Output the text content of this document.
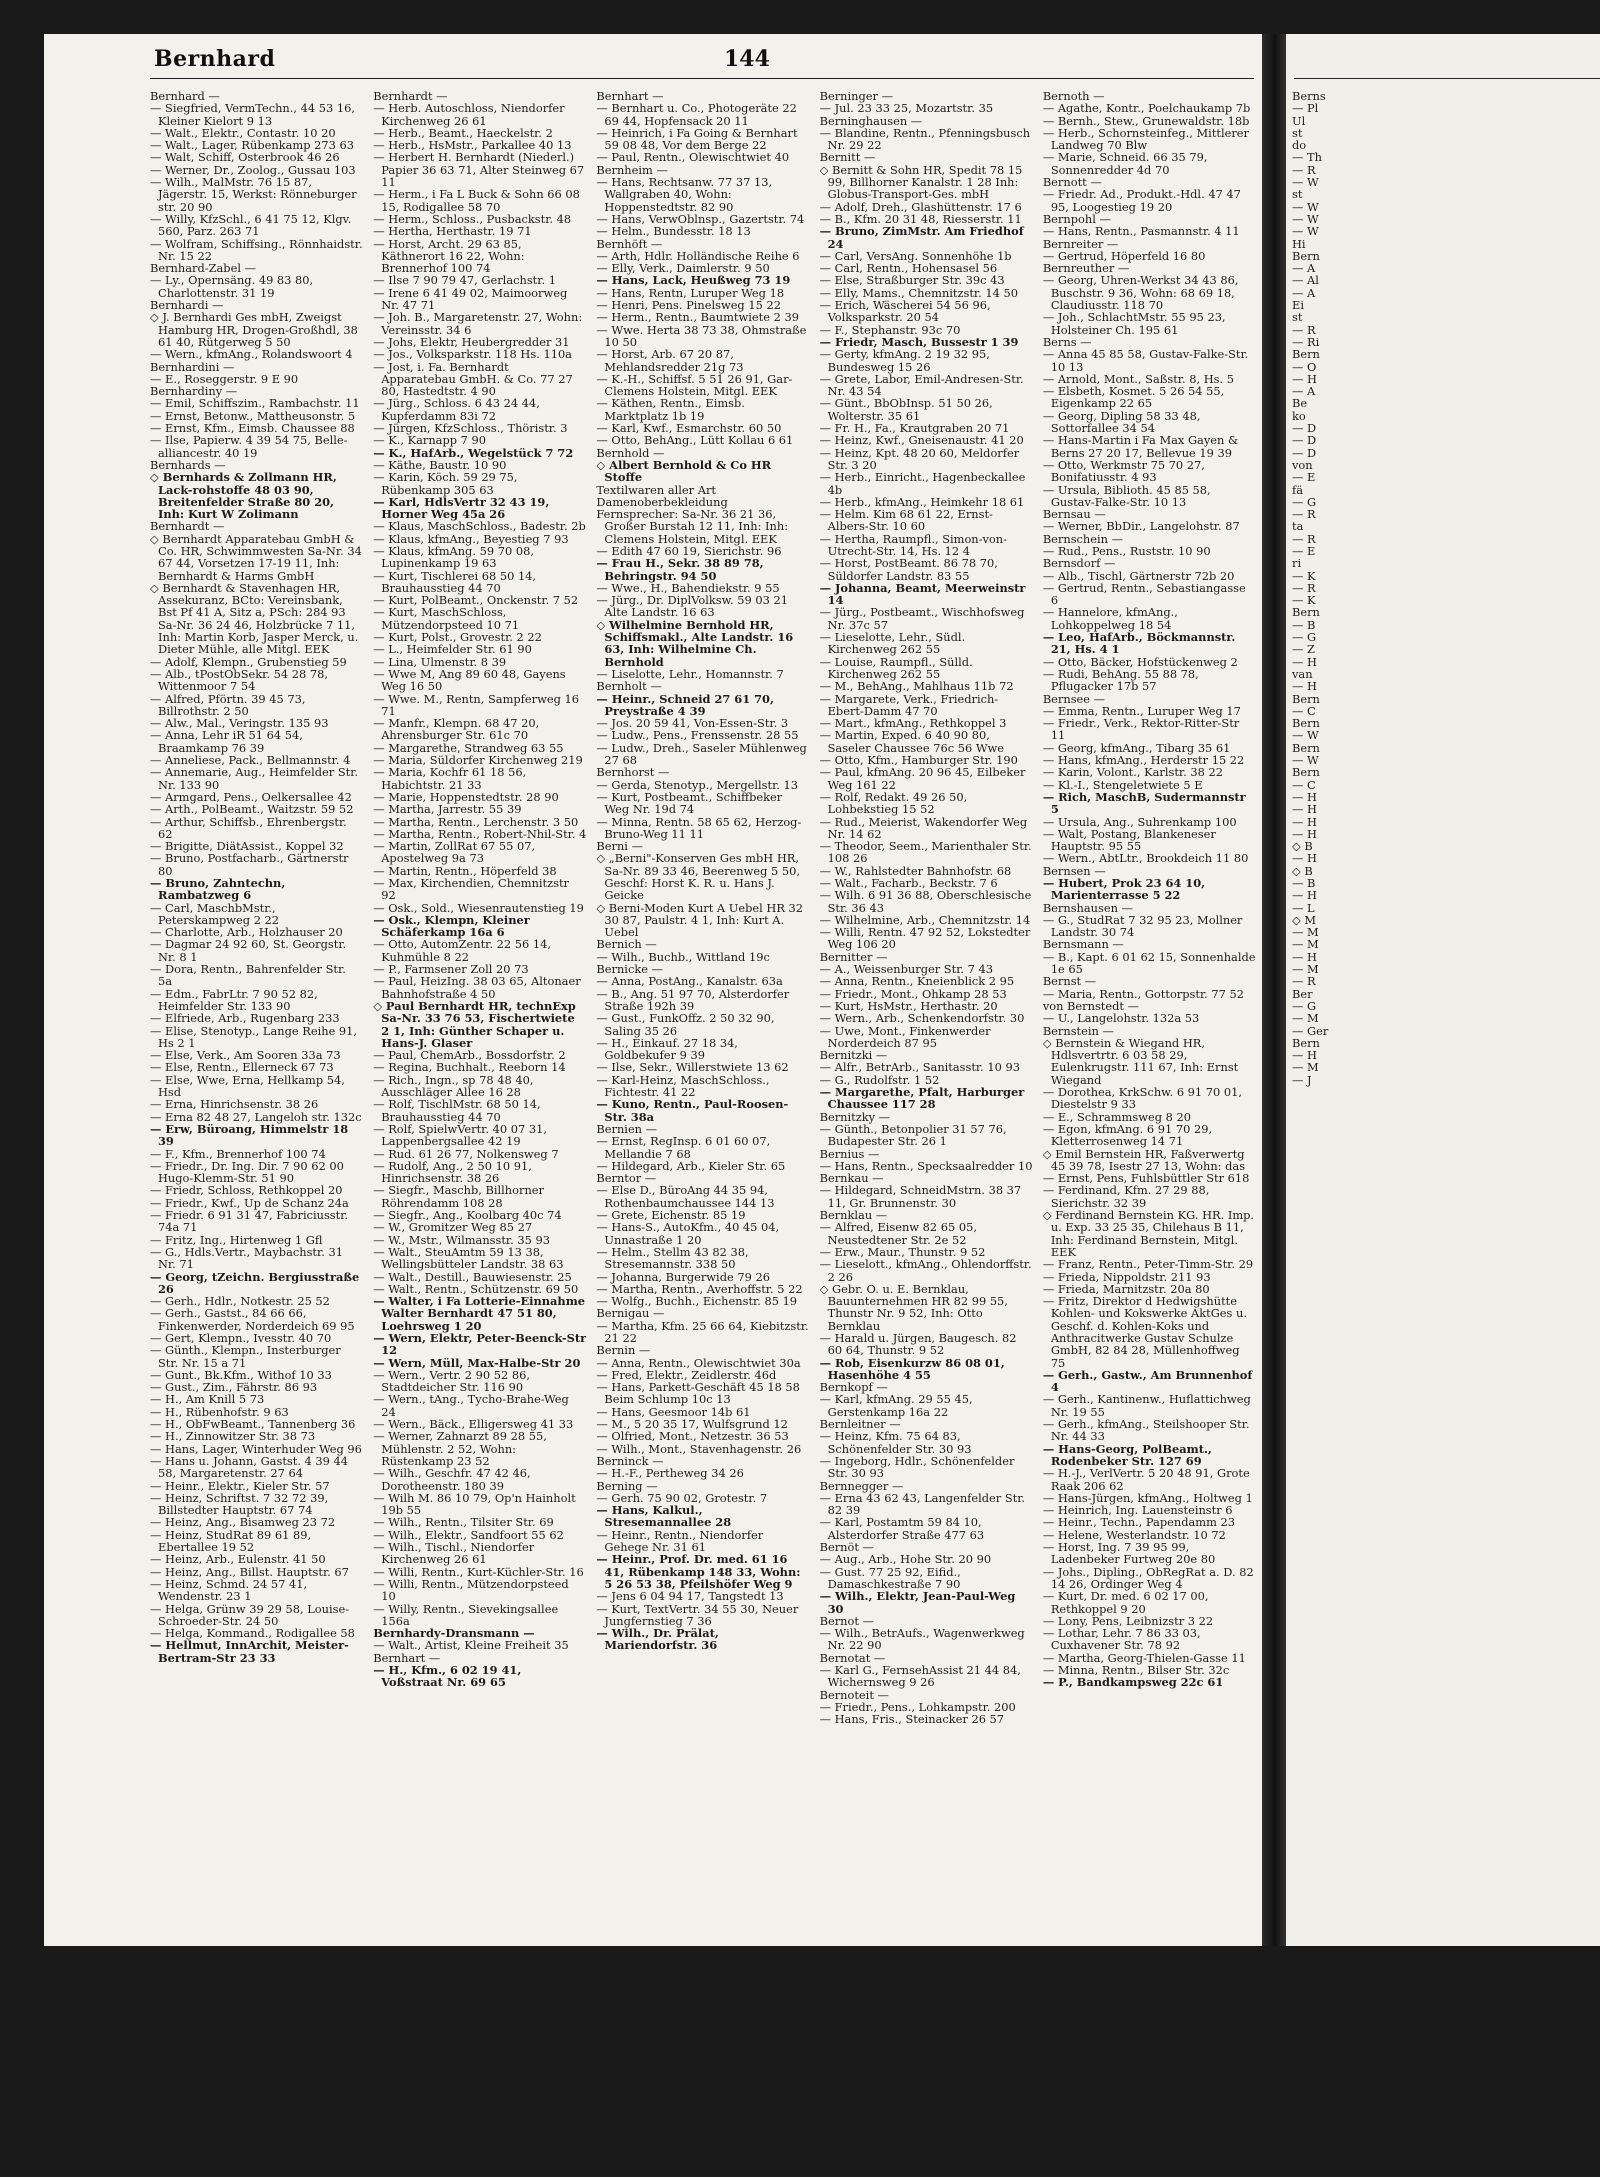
Bernhard	144

Bernhard —

— Siegfried, VermTechn., 44 53 16, Kleiner Kielort 9 13

— Walt., Elektr., Contastr. 10 20

— Walt., Lager, Rübenkamp 273 63

— Walt, Schiff, Osterbrook 46 26

— Werner, Dr., Zoolog., Gussau 103

— Wilh., MalMstr. 76 15 87, Jägerstr. 15, Werkst: Rönneburger str. 20 90

— Willy, KfzSchl., 6 41 75 12, Klgv. 560, Parz. 263 71

— Wolfram, Schiffsing., Rönnhaidstr. Nr. 15 22

Bernhard-Zabel —

— Ly., Opernsäng. 49 83 80, Charlottenstr. 31 19

Bernhardi —

◇ J. Bernhardi Ges mbH, Zweigst Hamburg HR, Drogen-Großhdl, 38 61 40, Rütgerweg 5 50

— Wern., kfmAng., Rolandswoort 4

Bernhardini —

— E., Roseggerstr. 9 E 90

Bernhardiny —

— Emil, Schiffszim., Rambachstr. 11

— Ernst, Betonw., Mattheusonstr. 5

— Ernst, Kfm., Eimsb. Chaussee 88

— Ilse, Papierw. 4 39 54 75, Belle-alliancestr. 40 19

Bernhards —

◇ Bernhards & Zollmann HR, Lack-rohstoffe 48 03 90, Breitenfelder Straße 80 20, Inh: Kurt W Zolimann

Bernhardt —

◇ Bernhardt Apparatebau GmbH & Co. HR, Schwimmwesten Sa-Nr. 34 67 44, Vorsetzen 17-19 11, Inh: Bernhardt & Harms GmbH

◇ Bernhardt & Stavenhagen HR, Assekuranz, BCto: Vereinsbank, Bst Pf 41 A, Sitz a, PSch: 284 93 Sa-Nr. 36 24 46, Holzbrücke 7 11, Inh: Martin Korb, Jasper Merck, u. Dieter Mühle, alle Mitgl. EEK

— Adolf, Klempn., Grubenstieg 59

— Alb., tPostObSekr. 54 28 78, Wittenmoor 7 54

— Alfred, Pförtn. 39 45 73, Billrothstr. 2 50

— Alw., Mal., Veringstr. 135 93

— Anna, Lehr iR 51 64 54, Braamkamp 76 39

— Anneliese, Pack., Bellmannstr. 4

— Annemarie, Aug., Heimfelder Str. Nr. 133 90

— Armgard, Pens., Oelkersallee 42

— Arth., PolBeamt., Waitzstr. 59 52

— Arthur, Schiffsb., Ehrenbergstr. 62

— Brigitte, DiätAssist., Koppel 32

— Bruno, Postfacharb., Gärtnerstr 80

— Bruno, Zahntechn, Rambatzweg 6

— Carl, MaschbMstr., Peterskampweg 2 22

— Charlotte, Arb., Holzhauser 20

— Dagmar 24 92 60, St. Georgstr. Nr. 8 1

— Dora, Rentn., Bahrenfelder Str. 5a

— Edm., FabrLtr. 7 90 52 82, Heimfelder Str. 133 90

— Elfriede, Arb., Rugenbarg 233

— Elise, Stenotyp., Lange Reihe 91, Hs 2 1

— Else, Verk., Am Sooren 33a 73

— Else, Rentn., Ellerneck 67 73

— Else, Wwe, Erna, Hellkamp 54, Hsd

— Erna, Hinrichsenstr. 38 26

— Erna 82 48 27, Langeloh str. 132c

— Erw, Büroang, Himmelstr 18 39

— F., Kfm., Brennerhof 100 74

— Friedr., Dr. Ing. Dir. 7 90 62 00 Hugo-Klemm-Str. 51 90

— Friedr, Schloss, Rethkoppel 20

— Friedr., Kwf., Up de Schanz 24a

— Friedr. 6 91 31 47, Fabriciusstr. 74a 71

— Fritz, Ing., Hirtenweg 1 Gfl

— G., Hdls.Vertr., Maybachstr. 31 Nr. 71

— Georg, tZeichn. Bergiusstraße 26

— Gerh., Hdlr., Notkestr. 25 52

— Gerh., Gastst., 84 66 66, Finkenwerder, Norderdeich 69 95

— Gert, Klempn., Ivesstr. 40 70

— Günth., Klempn., Insterburger Str. Nr. 15 a 71

— Gunt., Bk.Kfm., Withof 10 33

— Gust., Zim., Fährstr. 86 93

— H., Am Knill 5 73

— H., Rübenhofstr. 9 63

— H., ObFwBeamt., Tannenberg 36

— H., Zinnowitzer Str. 38 73

— Hans, Lager, Winterhuder Weg 96

— Hans u. Johann, Gastst. 4 39 44 58, Margaretenstr. 27 64

— Heinr., Elektr., Kieler Str. 57

— Heinz, Schriftst. 7 32 72 39, Billstedter Hauptstr. 67 74

— Heinz, Ang., Bisamweg 23 72

— Heinz, StudRat 89 61 89, Ebertallee 19 52

— Heinz, Arb., Eulenstr. 41 50

— Heinz, Ang., Billst. Hauptstr. 67

— Heinz, Schmd. 24 57 41, Wendenstr. 23 1

— Helga, Grünw 39 29 58, Louise-Schroeder-Str. 24 50

— Helga, Kommand., Rodigallee 58

— Hellmut, InnArchit, Meister-Bertram-Str 23 33

Bernhardt —

— Herb. Autoschloss, Niendorfer Kirchenweg 26 61

— Herb., Beamt., Haeckelstr. 2

— Herb., HsMstr., Parkallee 40 13

— Herbert H. Bernhardt (Niederl.) Papier 36 63 71, Alter Steinweg 67 11

— Herm., i Fa L Buck & Sohn 66 08 15, Rodigallee 58 70

— Herm., Schloss., Pusbackstr. 48

— Hertha, Herthastr. 19 71

— Horst, Archt. 29 63 85, Käthnerort 16 22, Wohn: Brennerhof 100 74

— Ilse 7 90 79 47, Gerlachstr. 1

— Irene 6 41 49 02, Maimoorweg Nr. 47 71

— Joh. B., Margaretenstr. 27, Wohn: Vereinsstr. 34 6

— Johs, Elektr, Heubergredder 31

— Jos., Volksparkstr. 118 Hs. 110a

— Jost, i. Fa. Bernhardt Apparatebau GmbH. & Co. 77 27 80, Hastedtstr. 4 90

— Jürg., Schloss. 6 43 24 44, Kupferdamm 83i 72

— Jürgen, KfzSchloss., Thöristr. 3

— K., Karnapp 7 90

— K., HafArb., Wegelstück 7 72

— Käthe, Baustr. 10 90

— Karin, Köch. 59 29 75, Rübenkamp 305 63

— Karl, HdlsVertr 32 43 19, Horner Weg 45a 26

— Klaus, MaschSchloss., Badestr. 2b

— Klaus, kfmAng., Beyestieg 7 93

— Klaus, kfmAng. 59 70 08, Lupinenkamp 19 63

— Kurt, Tischlerei 68 50 14, Brauhausstieg 44 70

— Kurt, PolBeamt., Onckenstr. 7 52

— Kurt, MaschSchloss, Mützendorpsteed 10 71

— Kurt, Polst., Grovestr. 2 22

— L., Heimfelder Str. 61 90

— Lina, Ulmenstr. 8 39

— Wwe M, Ang 89 60 48, Gayens Weg 16 50

— Wwe. M., Rentn, Sampferweg 16 71

— Manfr., Klempn. 68 47 20, Ahrensburger Str. 61c 70

— Margarethe, Strandweg 63 55

— Maria, Süldorfer Kirchenweg 219

— Maria, Kochfr 61 18 56, Habichtstr. 21 33

— Marie, Hoppenstedtstr. 28 90

— Martha, Jarrestr. 55 39

— Martha, Rentn., Lerchenstr. 3 50

— Martha, Rentn., Robert-Nhil-Str. 4

— Martin, ZollRat 67 55 07, Apostelweg 9a 73

— Martin, Rentn., Höperfeld 38

— Max, Kirchendien, Chemnitzstr 92

— Osk., Sold., Wiesenrautenstieg 19

— Osk., Klempn, Kleiner Schäferkamp 16a 6

— Otto, AutomZentr. 22 56 14, Kuhmühle 8 22

— P., Farmsener Zoll 20 73

— Paul, HeizIng. 38 03 65, Altonaer Bahnhofstraße 4 50

◇ Paul Bernhardt HR, technExp Sa-Nr. 33 76 53, Fischertwiete 2 1, Inh: Günther Schaper u. Hans-J. Glaser

— Paul, ChemArb., Bossdorfstr. 2

— Regina, Buchhalt., Reeborn 14

— Rich., Ingn., sp 78 48 40, Ausschläger Allee 16 28

— Rolf, TischlMstr. 68 50 14, Brauhausstieg 44 70

— Rolf, SpielwVertr. 40 07 31, Lappenbergsallee 42 19

— Rud. 61 26 77, Nolkensweg 7

— Rudolf, Ang., 2 50 10 91, Hinrichsenstr. 38 26

— Siegfr., Maschb, Billhorner Röhrendamm 108 28

— Siegfr., Ang., Koolbarg 40c 74

— W., Gromitzer Weg 85 27

— W., Mstr., Wilmansstr. 35 93

— Walt., SteuAmtm 59 13 38, Wellingsbütteler Landstr. 38 63

— Walt., Destill., Bauwiesenstr. 25

— Walt., Rentn., Schützenstr. 69 50

— Walter, i Fa Lotterie-Einnahme Walter Bernhardt 47 51 80, Loehrsweg 1 20

— Wern, Elektr, Peter-Beenck-Str 12

— Wern, Müll, Max-Halbe-Str 20

— Wern., Vertr. 2 90 52 86, Stadtdeicher Str. 116 90

— Wern., tAng., Tycho-Brahe-Weg 24

— Wern., Bäck., Elligersweg 41 33

— Werner, Zahnarzt 89 28 55, Mühlenstr. 2 52, Wohn: Rüstenkamp 23 52

— Wilh., Geschfr. 47 42 46, Dorotheenstr. 180 39

— Wilh M. 86 10 79, Op'n Hainholt 19b 55

— Wilh., Rentn., Tilsiter Str. 69

— Wilh., Elektr., Sandfoort 55 62

— Wilh., Tischl., Niendorfer Kirchenweg 26 61

— Willi, Rentn., Kurt-Küchler-Str. 16

— Willi, Rentn., Mützendorpsteed 10

— Willy, Rentn., Sievekingsallee 156a

Bernhardy-Dransmann —

— Walt., Artist, Kleine Freiheit 35

Bernhart —

— H., Kfm., 6 02 19 41, Voßstraat Nr. 69 65

Bernhart —

— Bernhart u. Co., Photogeräte 22 69 44, Hopfensack 20 11

— Heinrich, i Fa Going & Bernhart 59 08 48, Vor dem Berge 22

— Paul, Rentn., Olewischtwiet 40

Bernheim —

— Hans, Rechtsanw. 77 37 13, Wallgraben 40, Wohn: Hoppenstedtstr. 82 90

— Hans, VerwOblnsp., Gazertstr. 74

— Helm., Bundesstr. 18 13

Bernhöft —

— Arth, Hdlr. Holländische Reihe 6

— Elly, Verk., Daimlerstr. 9 50

— Hans, Lack, Heußweg 73 19

— Hans, Rentn, Luruper Weg 18

— Henri, Pens. Pinelsweg 15 22

— Herm., Rentn., Baumtwiete 2 39

— Wwe. Herta 38 73 38, Ohmstraße 10 50

— Horst, Arb. 67 20 87, Mehlandsredder 21g 73

— K.-H., Schiffsf. 5 51 26 91, Gar-Clemens Holstein, Mitgl. EEK

— Käthen, Rentn., Eimsb. Marktplatz 1b 19

— Karl, Kwf., Esmarchstr. 60 50

— Otto, BehAng., Lütt Kollau 6 61

Bernhold —

◇ Albert Bernhold & Co HR Stoffe

Textilwaren aller Art

Damenoberbekleidung

Fernsprecher: Sa-Nr. 36 21 36, Großer Burstah 12 11, Inh: Inh: Clemens Holstein, Mitgl. EEK

— Edith 47 60 19, Sierichstr. 96

— Frau H., Sekr. 38 89 78, Behringstr. 94 50

— Wwe., H., Bahendiekstr. 9 55

— Jürg., Dr. DiplVolksw. 59 03 21 Alte Landstr. 16 63

◇ Wilhelmine Bernhold HR, Schiffsmakl., Alte Landstr. 16 63, Inh: Wilhelmine Ch. Bernhold

— Liselotte, Lehr., Homannstr. 7

Bernholt —

— Heinr., Schneid 27 61 70, Preystraße 4 39

— Jos. 20 59 41, Von-Essen-Str. 3

— Ludw., Pens., Frenssenstr. 28 55

— Ludw., Dreh., Saseler Mühlenweg 27 68

Bernhorst —

— Gerda, Stenotyp., Mergellstr. 13

— Kurt, Postbeamt., Schiffbeker Weg Nr. 19d 74

— Minna, Rentn. 58 65 62, Herzog-Bruno-Weg 11 11

Berni —

◇ „Berni"-Konserven Ges mbH HR, Sa-Nr. 89 33 46, Beerenweg 5 50, Geschf: Horst K. R. u. Hans J. Geicke

◇ Berni-Moden Kurt A Uebel HR 32 30 87, Paulstr. 4 1, Inh: Kurt A. Uebel

Bernich —

— Wilh., Buchb., Wittland 19c

Bernicke —

— Anna, PostAng., Kanalstr. 63a

— B., Ang. 51 97 70, Alsterdorfer Straße 192h 39

— Gust., FunkOffz. 2 50 32 90, Saling 35 26

— H., Einkauf. 27 18 34, Goldbekufer 9 39

— Ilse, Sekr., Willerstwiete 13 62

— Karl-Heinz, MaschSchloss., Fichtestr. 41 22

— Kuno, Rentn., Paul-Roosen-Str. 38a

Bernien —

— Ernst, RegInsp. 6 01 60 07, Mellandie 7 68

— Hildegard, Arb., Kieler Str. 65

Berntor —

— Else D., BüroAng 44 35 94, Rothenbaumchaussee 144 13

— Grete, Eichenstr. 85 19

— Hans-S., AutoKfm., 40 45 04, Unnastraße 1 20

— Helm., Stellm 43 82 38, Stresemannstr. 338 50

— Johanna, Burgerwide 79 26

— Martha, Rentn., Averhoffstr. 5 22

— Wolfg., Buchh., Eichenstr. 85 19

Bernigau —

— Martha, Kfm. 25 66 64, Kiebitzstr. 21 22

Bernin —

— Anna, Rentn., Olewischtwiet 30a

— Fred, Elektr., Zeidlerstr. 46d

— Hans, Parkett-Geschäft 45 18 58 Beim Schlump 10c 13

— Hans, Geesmoor 14b 61

— M., 5 20 35 17, Wulfsgrund 12

— Olfried, Mont., Netzestr. 36 53

— Wilh., Mont., Stavenhagenstr. 26

Berninck —

— H.-F., Pertheweg 34 26

Berning —

— Gerh. 75 90 02, Grotestr. 7

— Hans, Kalkul., Stresemannallee 28

— Heinr., Rentn., Niendorfer Gehege Nr. 31 61

— Heinr., Prof. Dr. med. 61 16 41, Rübenkamp 148 33, Wohn: 5 26 53 38, Pfeilshöfer Weg 9

— Jens 6 04 94 17, Tangstedt 13

— Kurt, TextVertr. 34 55 30, Neuer Jungfernstieg 7 36

— Wilh., Dr. Prälat, Mariendorfstr. 36

Berninger —

— Jul. 23 33 25, Mozartstr. 35

Berninghausen —

— Blandine, Rentn., Pfenningsbusch Nr. 29 22

Bernitt —

◇ Bernitt & Sohn HR, Spedit 78 15 99, Billhorner Kanalstr. 1 28 Inh: Globus-Transport-Ges. mbH

— Adolf, Dreh., Glashüttenstr. 17 6

— B., Kfm. 20 31 48, Riesserstr. 11

— Bruno, ZimMstr. Am Friedhof 24

— Carl, VersAng. Sonnenhöhe 1b

— Carl, Rentn., Hohensasel 56

— Else, Straßburger Str. 39c 43

— Elly, Mams., Chemnitzstr. 14 50

— Erich, Wäscherei 54 56 96, Volksparkstr. 20 54

— F., Stephanstr. 93c 70

— Friedr, Masch, Bussestr 1 39

— Gerty, kfmAng. 2 19 32 95, Bundesweg 15 26

— Grete, Labor, Emil-Andresen-Str. Nr. 43 54

— Günt., BbObInsp. 51 50 26, Wolterstr. 35 61

— Fr. H., Fa., Krautgraben 20 71

— Heinz, Kwf., Gneisenaustr. 41 20

— Heinz, Kpt. 48 20 60, Meldorfer Str. 3 20

— Herb., Einricht., Hagenbeckallee 4b

— Herb., kfmAng., Heimkehr 18 61

— Helm. Kim 68 61 22, Ernst-Albers-Str. 10 60

— Hertha, Raumpfl., Simon-von-Utrecht-Str. 14, Hs. 12 4

— Horst, PostBeamt. 86 78 70, Süldorfer Landstr. 83 55

— Johanna, Beamt, Meerweinstr 14

— Jürg., Postbeamt., Wischhofsweg Nr. 37c 57

— Lieselotte, Lehr., Südl. Kirchenweg 262 55

— Louise, Raumpfl., Sülld. Kirchenweg 262 55

— M., BehAng., Mahlhaus 11b 72

— Margarete, Verk., Friedrich-Ebert-Damm 47 70

— Mart., kfmAng., Rethkoppel 3

— Martin, Exped. 6 40 90 80, Saseler Chaussee 76c 56 Wwe

— Otto, Kfm., Hamburger Str. 190

— Paul, kfmAng. 20 96 45, Eilbeker Weg 161 22

— Rolf, Redakt. 49 26 50, Lohbekstieg 15 52

— Rud., Meierist, Wakendorfer Weg Nr. 14 62

— Theodor, Seem., Marienthaler Str. 108 26

— W., Rahlstedter Bahnhofstr. 68

— Walt., Facharb., Beckstr. 7 6

— Wilh. 6 91 36 88, Oberschlesische Str. 36 43

— Wilhelmine, Arb., Chemnitzstr. 14

— Willi, Rentn. 47 92 52, Lokstedter Weg 106 20

Bernitter —

— A., Weissenburger Str. 7 43

— Anna, Rentn., Kneienblick 2 95

— Friedr., Mont., Ohkamp 28 53

— Kurt, HsMstr., Herthastr. 20

— Wern., Arb., Schenkendorfstr. 30

— Uwe, Mont., Finkenwerder Norderdeich 87 95

Bernitzki —

— Alfr., BetrArb., Sanitasstr. 10 93

— G., Rudolfstr. 1 52

— Margarethe, Pfalt, Harburger Chaussee 117 28

Bernitzky —

— Günth., Betonpolier 31 57 76, Budapester Str. 26 1

Bernius —

— Hans, Rentn., Specksaalredder 10

Bernkau —

— Hildegard, SchneidMstrn. 38 37 11, Gr. Brunnenstr. 30

Bernklau —

— Alfred, Eisenw 82 65 05, Neustedtener Str. 2e 52

— Erw., Maur., Thunstr. 9 52

— Lieselott., kfmAng., Ohlendorffstr. 2 26

◇ Gebr. O. u. E. Bernklau, Bauunternehmen HR 82 99 55, Thunstr Nr. 9 52, Inh: Otto Bernklau

— Harald u. Jürgen, Baugesch. 82 60 64, Thunstr. 9 52

— Rob, Eisenkurzw 86 08 01, Hasenhöhe 4 55

Bernkopf —

— Karl, kfmAng. 29 55 45, Gerstenkamp 16a 22

Bernleitner —

— Heinz, Kfm. 75 64 83, Schönenfelder Str. 30 93

— Ingeborg, Hdlr., Schönenfelder Str. 30 93

Bernnegger —

— Erna 43 62 43, Langenfelder Str. 82 39

— Karl, Postamtm 59 84 10, Alsterdorfer Straße 477 63

Bernöt —

— Aug., Arb., Hohe Str. 20 90

— Gust. 77 25 92, Eifid., Damaschkestraße 7 90

— Wilh., Elektr, Jean-Paul-Weg 30

Bernot —

— Wilh., BetrAufs., Wagenwerkweg Nr. 22 90

Bernotat —

— Karl G., FernsehAssist 21 44 84, Wichernsweg 9 26

Bernoteit —

— Friedr., Pens., Lohkampstr. 200

— Hans, Fris., Steinacker 26 57

Bernoth —

— Agathe, Kontr., Poelchaukamp 7b

— Bernh., Stew., Grunewaldstr. 18b

— Herb., Schornsteinfeg., Mittlerer Landweg 70 Blw

— Marie, Schneid. 66 35 79, Sonnenredder 4d 70

Bernott —

— Friedr. Ad., Produkt.-Hdl. 47 47 95, Loogestieg 19 20

Bernpohl —

— Hans, Rentn., Pasmannstr. 4 11

Bernreiter —

— Gertrud, Höperfeld 16 80

Bernreuther —

— Georg, Uhren-Werkst 34 43 86, Buschstr. 9 36, Wohn: 68 69 18, Claudiusstr. 118 70

— Joh., SchlachtMstr. 55 95 23, Holsteiner Ch. 195 61

Berns —

— Anna 45 85 58, Gustav-Falke-Str. 10 13

— Arnold, Mont., Saßstr. 8, Hs. 5

— Elsbeth, Kosmet. 5 26 54 55, Eigenkamp 22 65

— Georg, Dipling 58 33 48, Sottorfallee 34 54

— Hans-Martin i Fa Max Gayen & Berns 27 20 17, Bellevue 19 39

— Otto, Werkmstr 75 70 27, Bonifatiusstr. 4 93

— Ursula, Biblioth. 45 85 58, Gustav-Falke-Str. 10 13

Bernsau —

— Werner, BbDir., Langelohstr. 87

Bernschein —

— Rud., Pens., Ruststr. 10 90

Bernsdorf —

— Alb., Tischl, Gärtnerstr 72b 20

— Gertrud, Rentn., Sebastiangasse 6

— Hannelore, kfmAng., Lohkoppelweg 18 54

— Leo, HafArb., Böckmannstr. 21, Hs. 4 1

— Otto, Bäcker, Hofstückenweg 2

— Rudi, BehAng. 55 88 78, Pflugacker 17b 57

Bernsee —

— Emma, Rentn., Luruper Weg 17

— Friedr., Verk., Rektor-Ritter-Str 11

— Georg, kfmAng., Tibarg 35 61

— Hans, kfmAng., Herderstr 15 22

— Karin, Volont., Karlstr. 38 22

— Kl.-I., Stengeletwiete 5 E

— Rich, MaschB, Sudermannstr 5

— Ursula, Ang., Suhrenkamp 100

— Walt, Postang, Blankeneser Hauptstr. 95 55

— Wern., AbtLtr., Brookdeich 11 80

Bernsen —

— Hubert, Prok 23 64 10, Marienterrasse 5 22

Bernshausen —

— G., StudRat 7 32 95 23, Mollner Landstr. 30 74

Bernsmann —

— B., Kapt. 6 01 62 15, Sonnenhalde 1e 65

Bernst —

— Maria, Rentn., Gottorpstr. 77 52

von Bernstedt —

— U., Langelohstr. 132a 53

Bernstein —

◇ Bernstein & Wiegand HR, Hdlsvertrtr. 6 03 58 29, Eulenkrugstr. 111 67, Inh: Ernst Wiegand

— Dorothea, KrkSchw. 6 91 70 01, Diestelstr 9 33

— E., Schrammsweg 8 20

— Egon, kfmAng. 6 91 70 29, Kletterrosenweg 14 71

◇ Emil Bernstein HR, Faßverwertg 45 39 78, Isestr 27 13, Wohn: das

— Ernst, Pens, Fuhlsbüttler Str 618

— Ferdinand, Kfm. 27 29 88, Sierichstr. 32 39

◇ Ferdinand Bernstein KG. HR. Imp. u. Exp. 33 25 35, Chilehaus B 11, Inh: Ferdinand Bernstein, Mitgl. EEK

— Franz, Rentn., Peter-Timm-Str. 29

— Frieda, Nippoldstr. 211 93

— Frieda, Marnitzstr. 20a 80

— Fritz, Direktor d Hedwigshütte Kohlen- und Kokswerke AktGes u. Geschf. d. Kohlen-Koks und Anthracitwerke Gustav Schulze GmbH, 82 84 28, Müllenhoffweg 75

— Gerh., Gastw., Am Brunnenhof 4

— Gerh., Kantinenw., Huflattichweg Nr. 19 55

— Gerh., kfmAng., Steilshooper Str. Nr. 44 33

— Hans-Georg, PolBeamt., Rodenbeker Str. 127 69

— H.-J., VerlVertr. 5 20 48 91, Grote Raak 206 62

— Hans-Jürgen, kfmAng., Holtweg 1

— Heinrich, Ing. Lauensteinstr 6

— Heinr., Techn., Papendamm 23

— Helene, Westerlandstr. 10 72

— Horst, Ing. 7 39 95 99, Ladenbeker Furtweg 20e 80

— Johs., Dipling., ObRegRat a. D. 82 14 26, Ordinger Weg 4

— Kurt, Dr. med. 6 02 17 00, Rethkoppel 9 20

— Lony, Pens, Leibnizstr 3 22

— Lothar, Lehr. 7 86 33 03, Cuxhavener Str. 78 92

— Martha, Georg-Thielen-Gasse 11

— Minna, Rentn., Bilser Str. 32c

— P., Bandkampsweg 22c 61

Berns

— Pl

Ul

st

do

— Th

— R

— W

st

— W

— W

— W

Hi

Bern

— A

— Al

— A

Ei

st

— R

— Ri

Bern

— O

— H

— A

Be

ko

— D

— D

— D

von

— E

fä

— G

— R

ta

— R

— E

ri

— K

— R

— K

Bern

— B

— G

— Z

— H

van

— H

Bern

— C

Bern

— W

Bern

— W

Bern

— C

— H

— H

— H

— H

◇ B

— H

◇ B

— B

— H

— L

◇ M

— M

— M

— H

— M

— R

Ber

— G

— M

— Ger

Bern

— H

— M

— J
